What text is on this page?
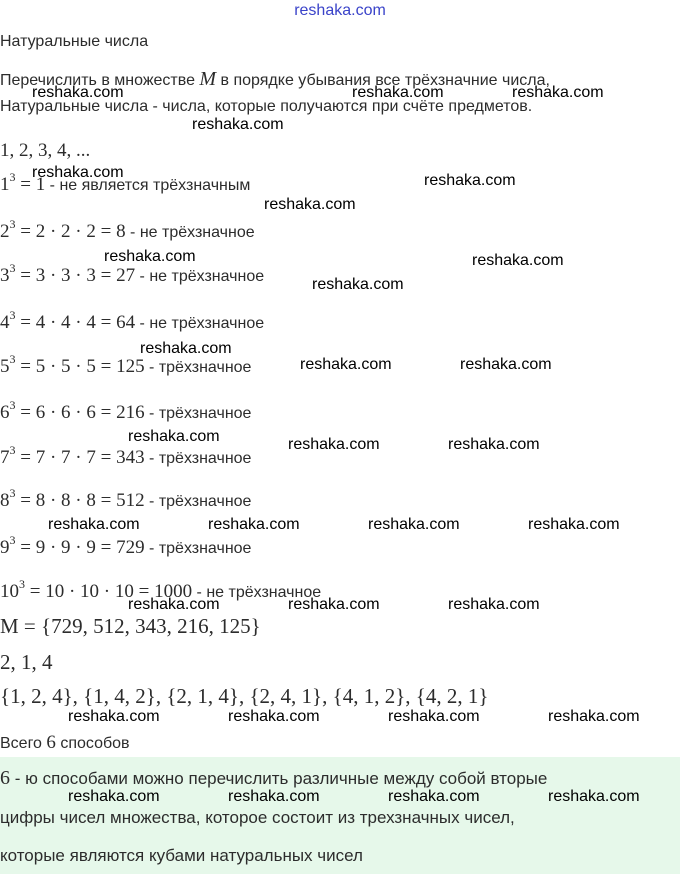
reshaka.com
Натуральные числа
Перечислить в множестве M в порядке убывания все трёхзначние числа,
Натуральные числа - числа, которые получаются при счёте предметов.
1, 2, 3, 4, ...
$1^3 = 1$ - не является трёхзначным
$2^3 = 2 \cdot 2 \cdot 2 = 8$ - не трёхзначное
$3^3 = 3 \cdot 3 \cdot 3 = 27$ - не трёхзначное
$4^3 = 4 \cdot 4 \cdot 4 = 64$ - не трёхзначное
$5^3 = 5 \cdot 5 \cdot 5 = 125$ - трёхзначное
$6^3 = 6 \cdot 6 \cdot 6 = 216$ - трёхзначное
$7^3 = 7 \cdot 7 \cdot 7 = 343$ - трёхзначное
$8^3 = 8 \cdot 8 \cdot 8 = 512$ - трёхзначное
$9^3 = 9 \cdot 9 \cdot 9 = 729$ - трёхзначное
$10^3 = 10 \cdot 10 \cdot 10 = 1000$ - не трёхзначное
M = {729, 512, 343, 216, 125}
2, 1, 4
{1, 2, 4}, {1, 4, 2}, {2, 1, 4}, {2, 4, 1}, {4, 1, 2}, {4, 2, 1}
Всего 6 способов
6 - ю способами можно перечислить различные между собой вторые
цифры чисел множества, которое состоит из трехзначных чисел,
которые являются кубами натуральных чисел
reshaka.com	reshaka.com	reshaka.com
reshaka.com
reshaka.com	reshaka.com
reshaka.com
reshaka.com	reshaka.com
reshaka.com
reshaka.com
reshaka.com	reshaka.com
reshaka.com	reshaka.com	reshaka.com
reshaka.com	reshaka.com	reshaka.com	reshaka.com
reshaka.com	reshaka.com	reshaka.com
reshaka.com	reshaka.com	reshaka.com	reshaka.com
reshaka.com	reshaka.com	reshaka.com	reshaka.com
